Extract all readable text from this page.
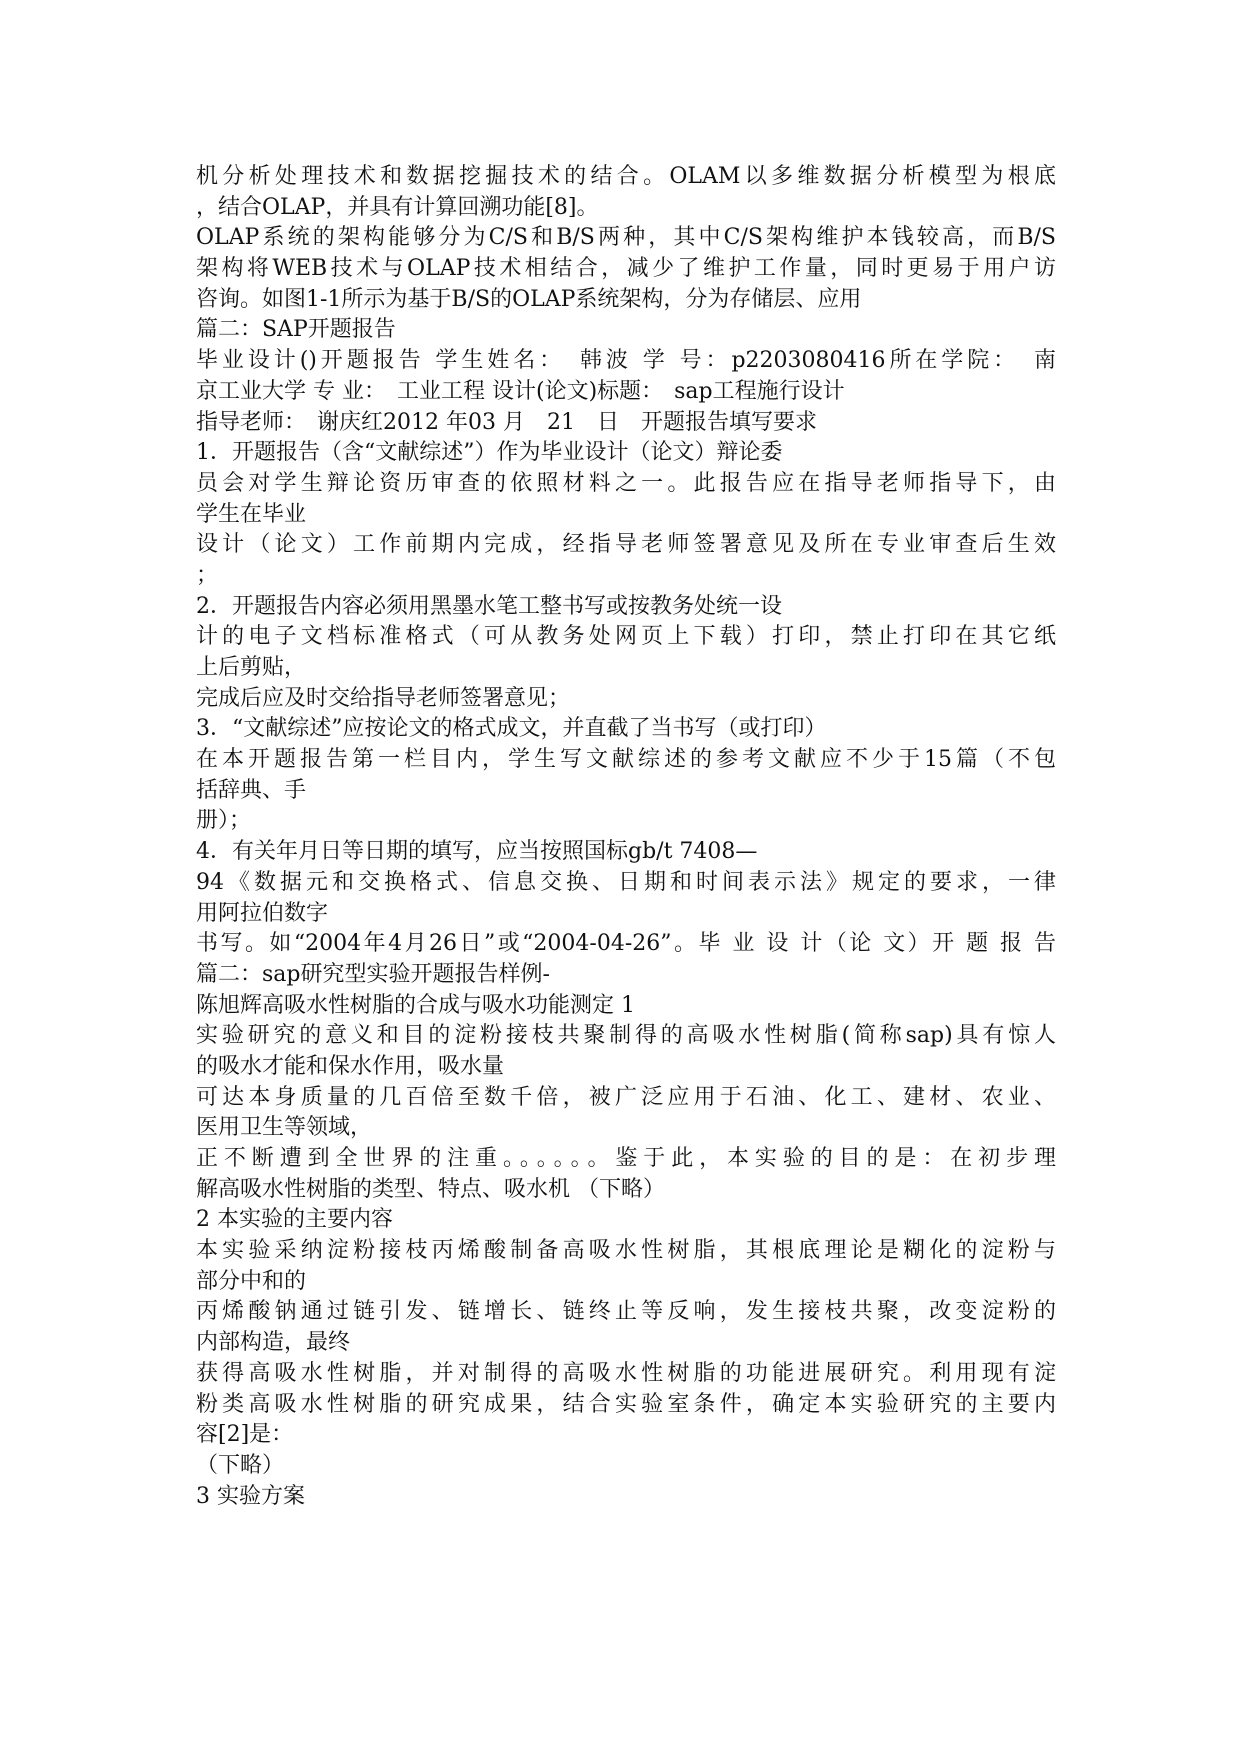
机分析处理技术和数据挖掘技术的结合。OLAM以多维数据分析模型为根底
，结合OLAP，并具有计算回溯功能[8]。
OLAP系统的架构能够分为C/S和B/S两种，其中C/S架构维护本钱较高，而B/S
架构将WEB技术与OLAP技术相结合，减少了维护工作量，同时更易于用户访
咨询。如图1-1所示为基于B/S的OLAP系统架构，分为存储层、应用
篇二：SAP开题报告
毕业设计()开题报告 学生姓名：　韩波 学 号：p2203080416所在学院：　南
京工业大学 专 业：　工业工程 设计(论文)标题：　sap工程施行设计
指导老师：　谢庆红2012 年03 月　21　日　开题报告填写要求
1．开题报告（含“文献综述”）作为毕业设计（论文）辩论委
员会对学生辩论资历审查的依照材料之一。此报告应在指导老师指导下，由
学生在毕业
设计（论文）工作前期内完成，经指导老师签署意见及所在专业审查后生效
；
2．开题报告内容必须用黑墨水笔工整书写或按教务处统一设
计的电子文档标准格式（可从教务处网页上下载）打印，禁止打印在其它纸
上后剪贴，
完成后应及时交给指导老师签署意见；
3．“文献综述”应按论文的格式成文，并直截了当书写（或打印）
在本开题报告第一栏目内，学生写文献综述的参考文献应不少于15篇（不包
括辞典、手
册）；
4．有关年月日等日期的填写，应当按照国标gb/t 7408—
94《数据元和交换格式、信息交换、日期和时间表示法》规定的要求，一律
用阿拉伯数字
书写。如“2004年4月26日”或“2004-04-26”。毕 业 设 计（论 文）开 题 报 告
篇二：sap研究型实验开题报告样例-
陈旭辉高吸水性树脂的合成与吸水功能测定 1
实验研究的意义和目的淀粉接枝共聚制得的高吸水性树脂(简称sap)具有惊人
的吸水才能和保水作用，吸水量
可达本身质量的几百倍至数千倍，被广泛应用于石油、化工、建材、农业、
医用卫生等领域，
正不断遭到全世界的注重。。。。。。鉴于此，本实验的目的是：在初步理
解高吸水性树脂的类型、特点、吸水机 （下略）
2 本实验的主要内容
本实验采纳淀粉接枝丙烯酸制备高吸水性树脂，其根底理论是糊化的淀粉与
部分中和的
丙烯酸钠通过链引发、链增长、链终止等反响，发生接枝共聚，改变淀粉的
内部构造，最终
获得高吸水性树脂，并对制得的高吸水性树脂的功能进展研究。利用现有淀
粉类高吸水性树脂的研究成果，结合实验室条件，确定本实验研究的主要内
容[2]是：
（下略）
3 实验方案
